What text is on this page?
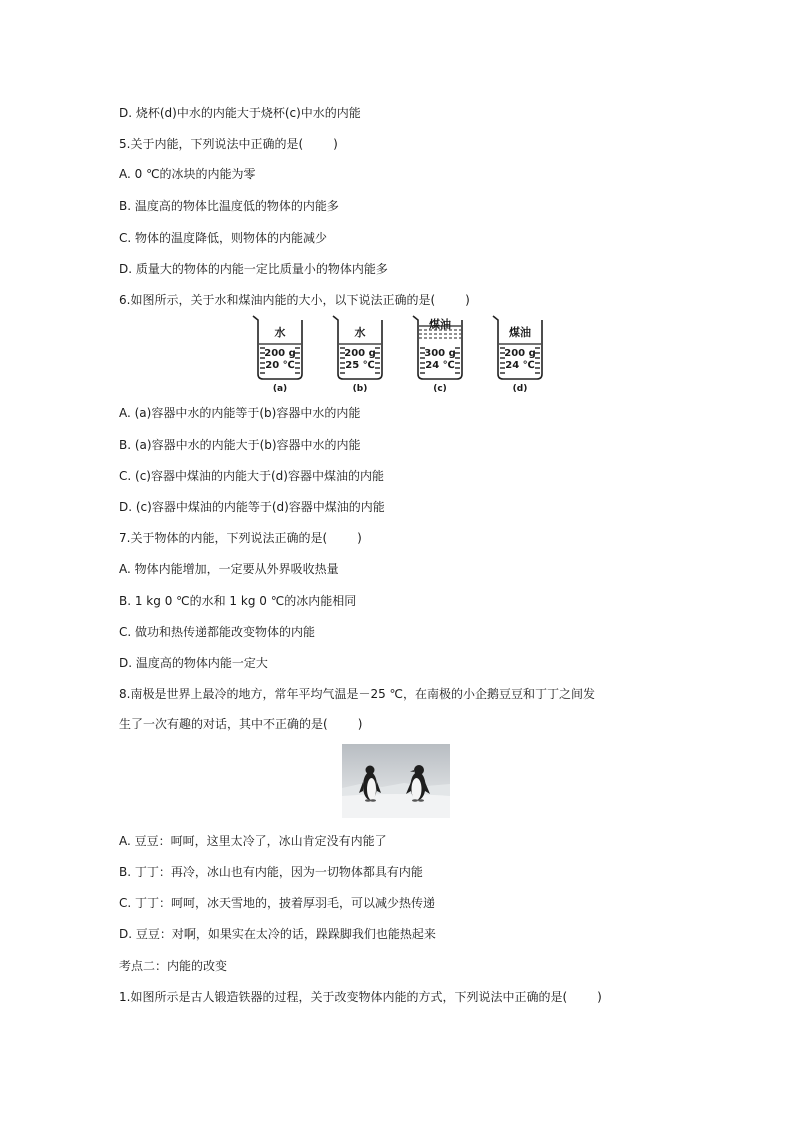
D. 烧杯(d)中水的内能大于烧杯(c)中水的内能
5.关于内能，下列说法中正确的是(	)
A. 0 ℃的冰块的内能为零
B. 温度高的物体比温度低的物体的内能多
C. 物体的温度降低，则物体的内能减少
D. 质量大的物体的内能一定比质量小的物体内能多
6.如图所示，关于水和煤油内能的大小，以下说法正确的是(	)
水
200 g
20 ℃
(a)
水
200 g
25 ℃
(b)
煤油
300 g
24 ℃
(c)
煤油
200 g
24 ℃
(d)
A. (a)容器中水的内能等于(b)容器中水的内能
B. (a)容器中水的内能大于(b)容器中水的内能
C. (c)容器中煤油的内能大于(d)容器中煤油的内能
D. (c)容器中煤油的内能等于(d)容器中煤油的内能
7.关于物体的内能，下列说法正确的是(	)
A. 物体内能增加，一定要从外界吸收热量
B. 1 kg 0 ℃的水和 1 kg 0 ℃的冰内能相同
C. 做功和热传递都能改变物体的内能
D. 温度高的物体内能一定大
8.南极是世界上最冷的地方，常年平均气温是－25 ℃，在南极的小企鹅豆豆和丁丁之间发
生了一次有趣的对话，其中不正确的是(	)
A. 豆豆：呵呵，这里太冷了，冰山肯定没有内能了
B. 丁丁：再冷，冰山也有内能，因为一切物体都具有内能
C. 丁丁：呵呵，冰天雪地的，披着厚羽毛，可以减少热传递
D. 豆豆：对啊，如果实在太冷的话，跺跺脚我们也能热起来
考点二：内能的改变
1.如图所示是古人锻造铁器的过程，关于改变物体内能的方式，下列说法中正确的是(	)
